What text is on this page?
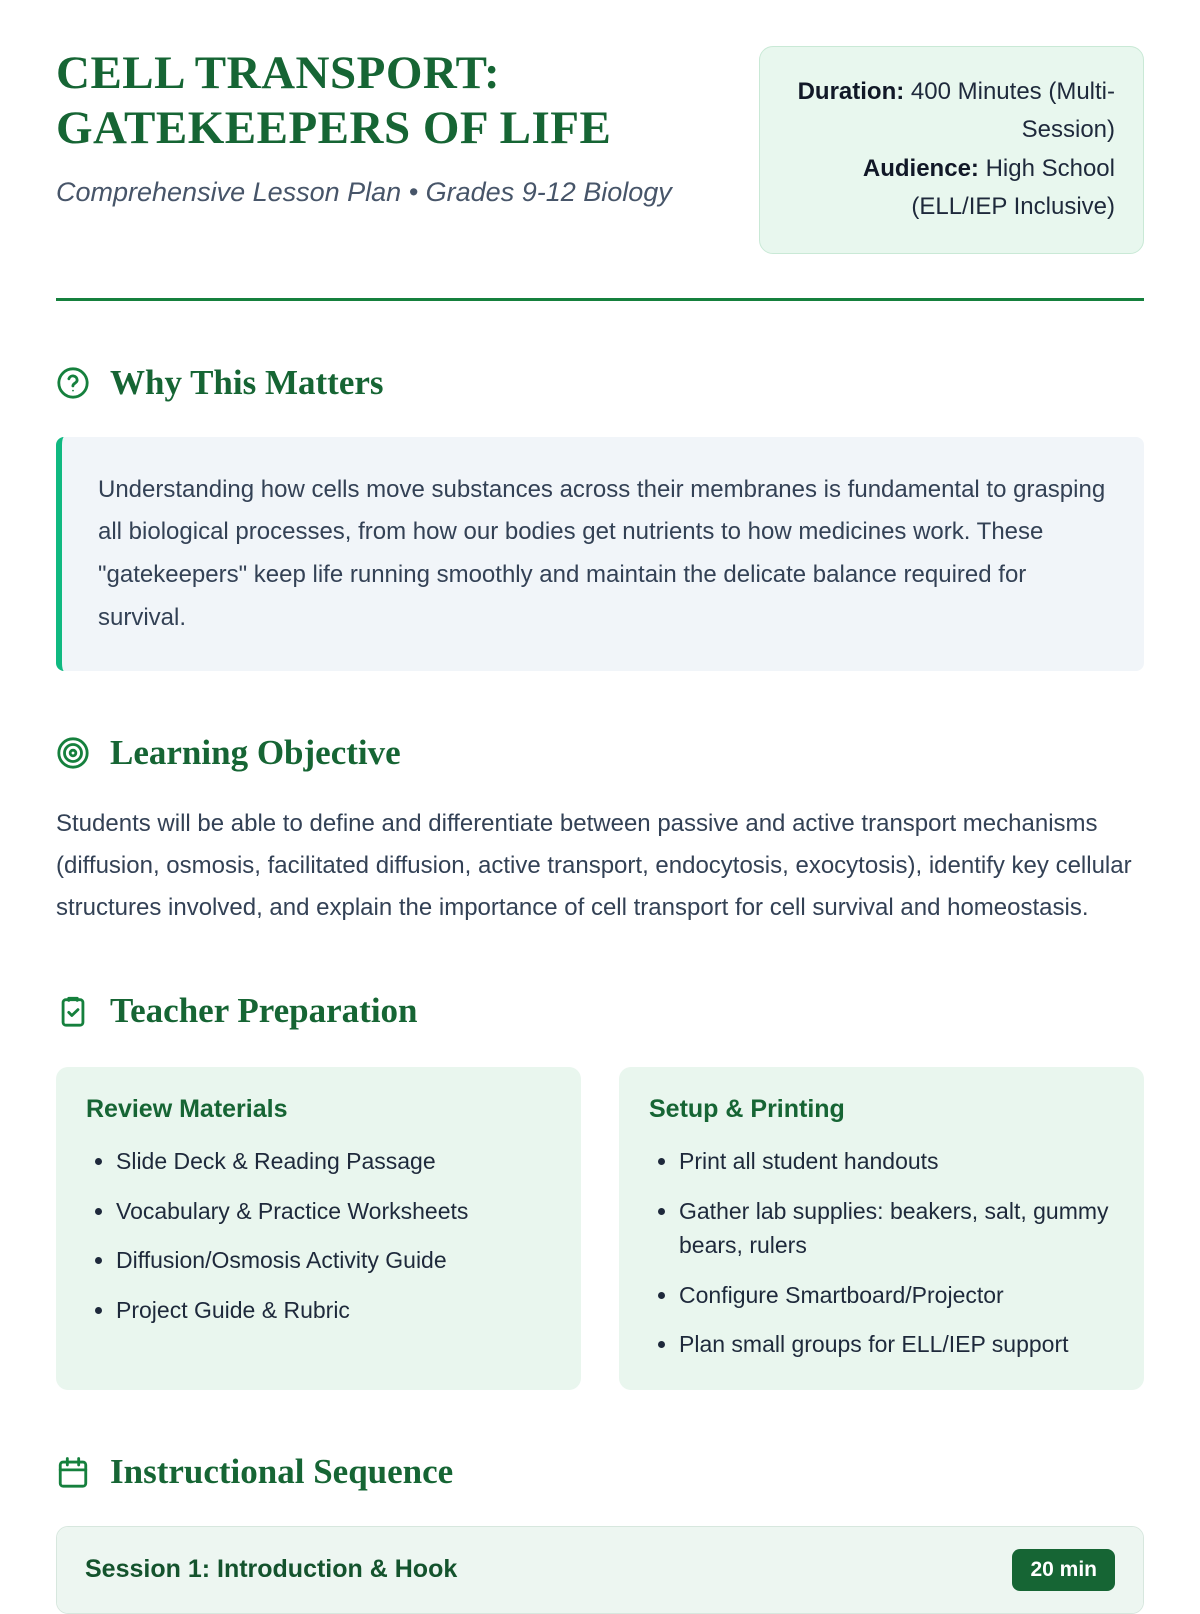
CELL TRANSPORT: GATEKEEPERS OF LIFE

Comprehensive Lesson Plan • Grades 9-12 Biology

Duration: 400 Minutes (Multi-Session)
Audience: High School (ELL/IEP Inclusive)
Why This Matters
Understanding how cells move substances across their membranes is fundamental to grasping all biological processes, from how our bodies get nutrients to how medicines work. These "gatekeepers" keep life running smoothly and maintain the delicate balance required for survival.
Learning Objective

Students will be able to define and differentiate between passive and active transport mechanisms (diffusion, osmosis, facilitated diffusion, active transport, endocytosis, exocytosis), identify key cellular structures involved, and explain the importance of cell transport for cell survival and homeostasis.

Teacher Preparation
Review Materials
• Slide Deck & Reading Passage
• Vocabulary & Practice Worksheets
• Diffusion/Osmosis Activity Guide
• Project Guide & Rubric
Setup & Printing
• Print all student handouts
• Gather lab supplies: beakers, salt, gummy bears, rulers
• Configure Smartboard/Projector
• Plan small groups for ELL/IEP support
Instructional Sequence
Session 1: Introduction & Hook	20 min
